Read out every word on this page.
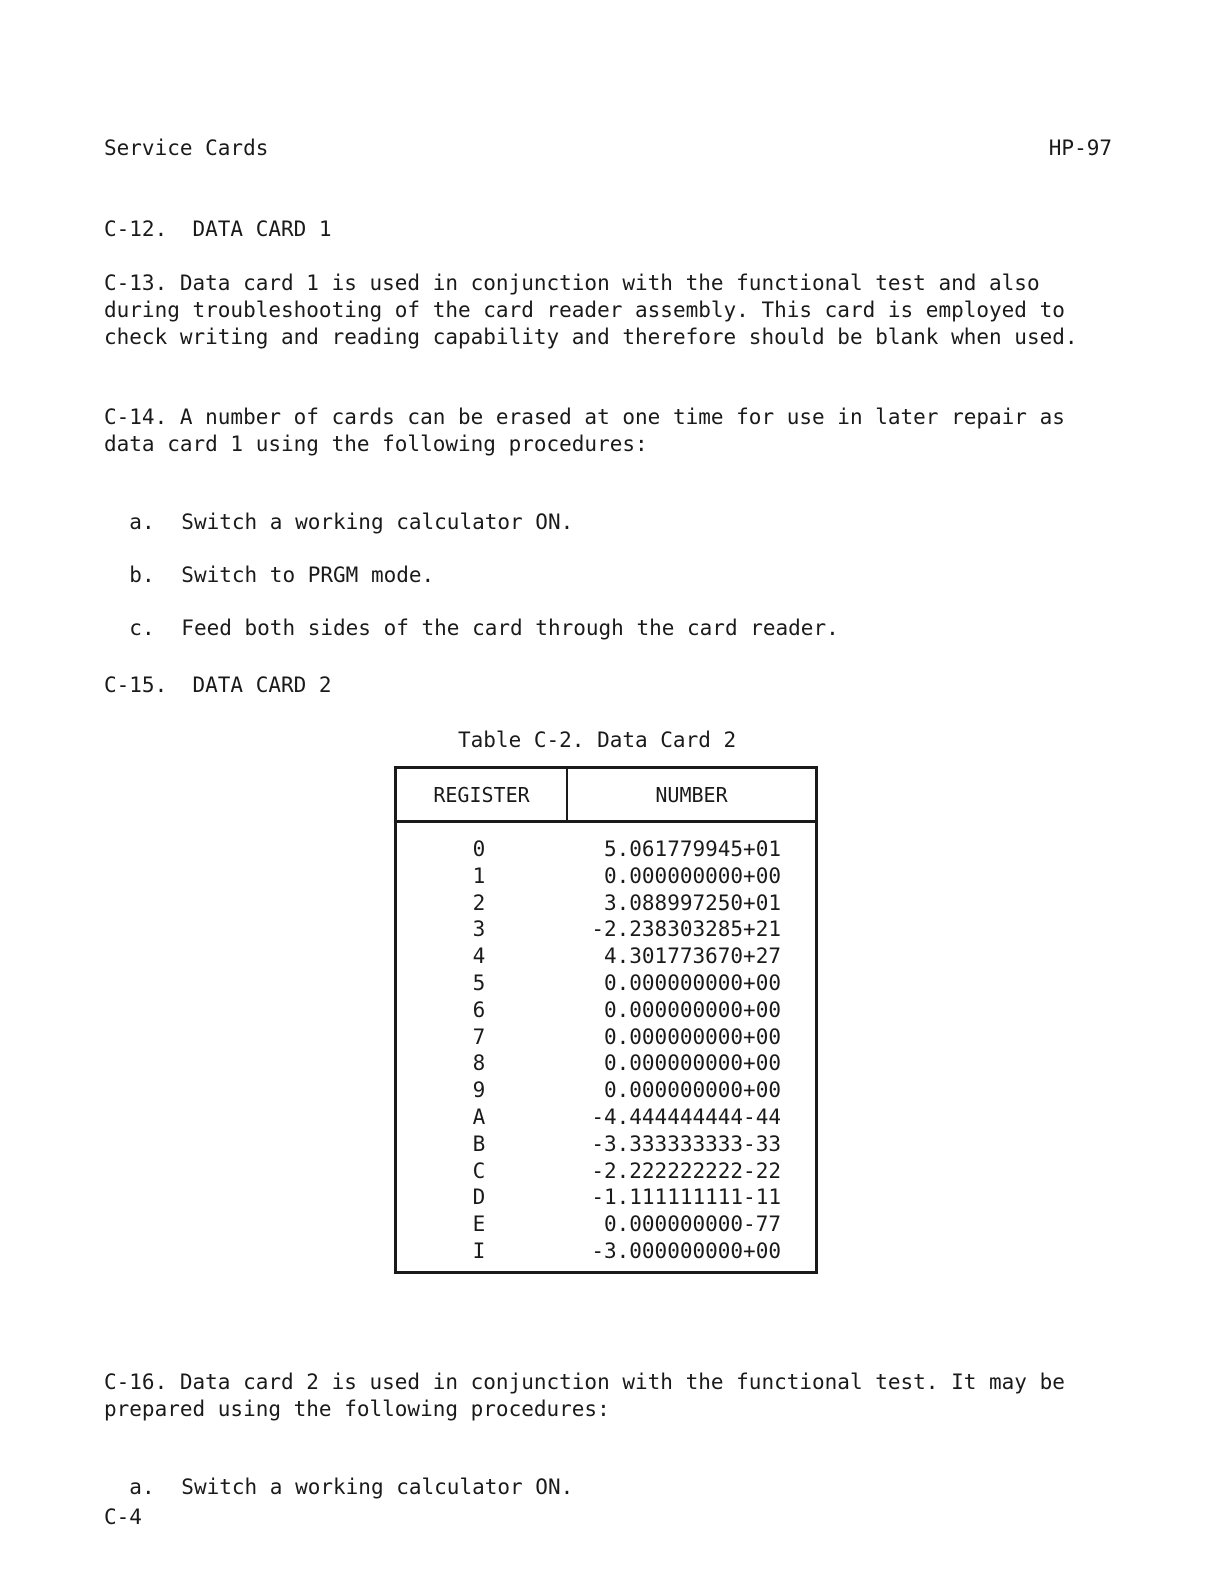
Service Cards	HP-97
C-12.  DATA CARD 1
C-13. Data card 1 is used in conjunction with the functional test and also during troubleshooting of the card reader assembly. This card is employed to check writing and reading capability and therefore should be blank when used.
C-14. A number of cards can be erased at one time for use in later repair as data card 1 using the following procedures:

a. Switch a working calculator ON.

b. Switch to PRGM mode.

c. Feed both sides of the card through the card reader.

C-15.  DATA CARD 2
Table C-2. Data Card 2
REGISTER	NUMBER
0	5.061779945+01
1	0.000000000+00
2	3.088997250+01
3	-2.238303285+21
4	4.301773670+27
5	0.000000000+00
6	0.000000000+00
7	0.000000000+00
8	0.000000000+00
9	0.000000000+00
A	-4.444444444-44
B	-3.333333333-33
C	-2.222222222-22
D	-1.111111111-11
E	0.000000000-77
I	-3.000000000+00
C-16. Data card 2 is used in conjunction with the functional test. It may be prepared using the following procedures:

a. Switch a working calculator ON.

C-4
